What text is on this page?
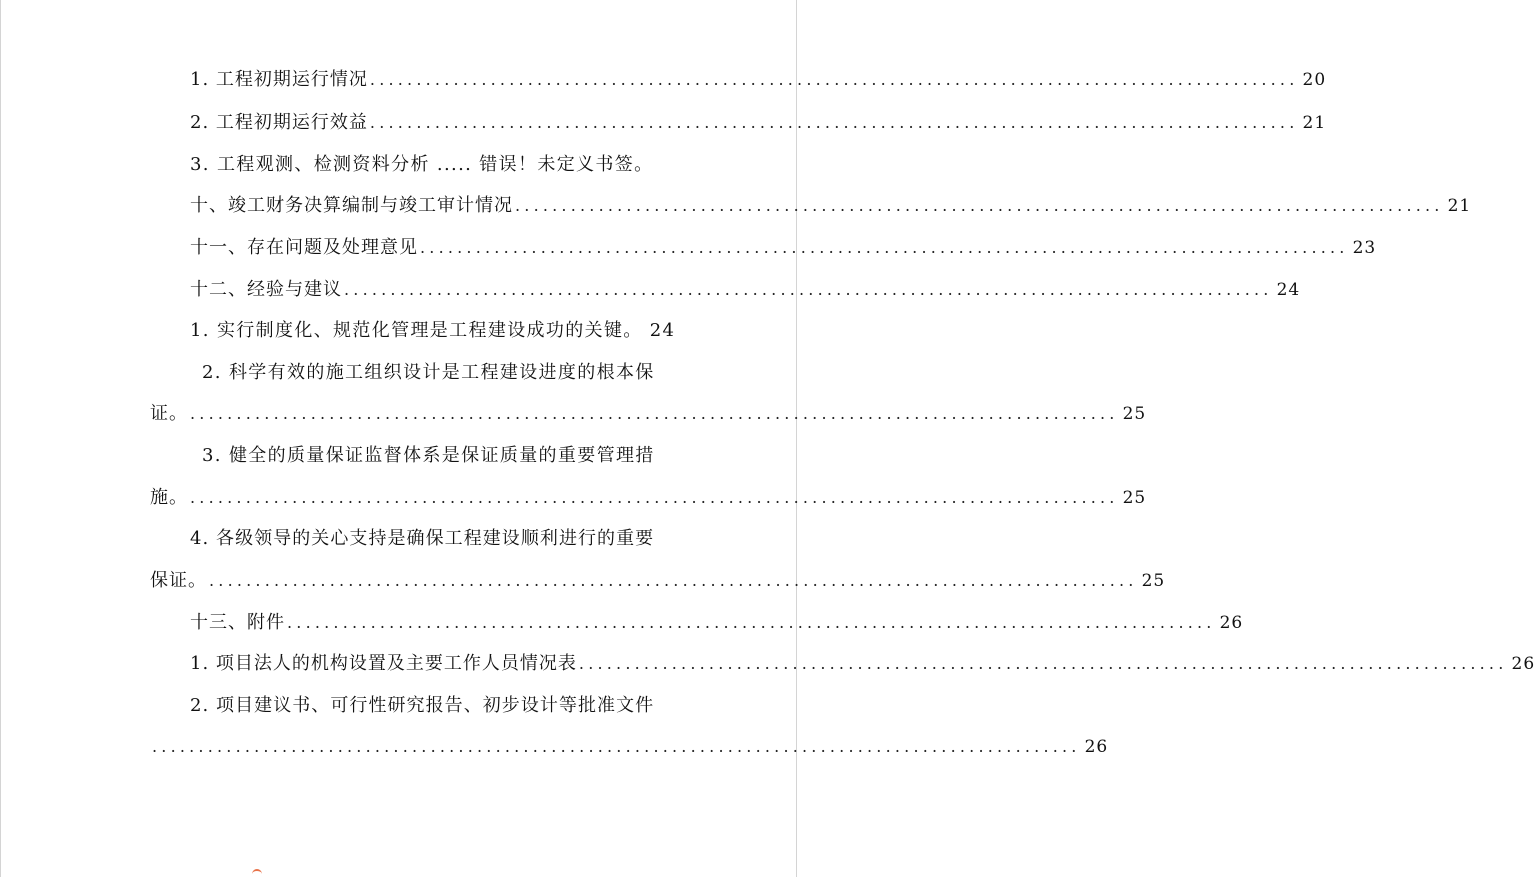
1. 工程初期运行情况 .................................................................................................... 20
2. 工程初期运行效益 .................................................................................................... 21
3. 工程观测、检测资料分析 ..... 错误！未定义书签。
十、竣工财务决算编制与竣工审计情况 .................................................................................................... 21
十一、存在问题及处理意见 .................................................................................................... 23
十二、经验与建议 .................................................................................................... 24
1. 实行制度化、规范化管理是工程建设成功的关键。 24
2. 科学有效的施工组织设计是工程建设进度的根本保
证。 .................................................................................................... 25
3. 健全的质量保证监督体系是保证质量的重要管理措
施。 .................................................................................................... 25
4. 各级领导的关心支持是确保工程建设顺利进行的重要
保证。 .................................................................................................... 25
十三、附件 .................................................................................................... 26
1. 项目法人的机构设置及主要工作人员情况表 .................................................................................................... 26
2. 项目建议书、可行性研究报告、初步设计等批准文件
.................................................................................................... 26
